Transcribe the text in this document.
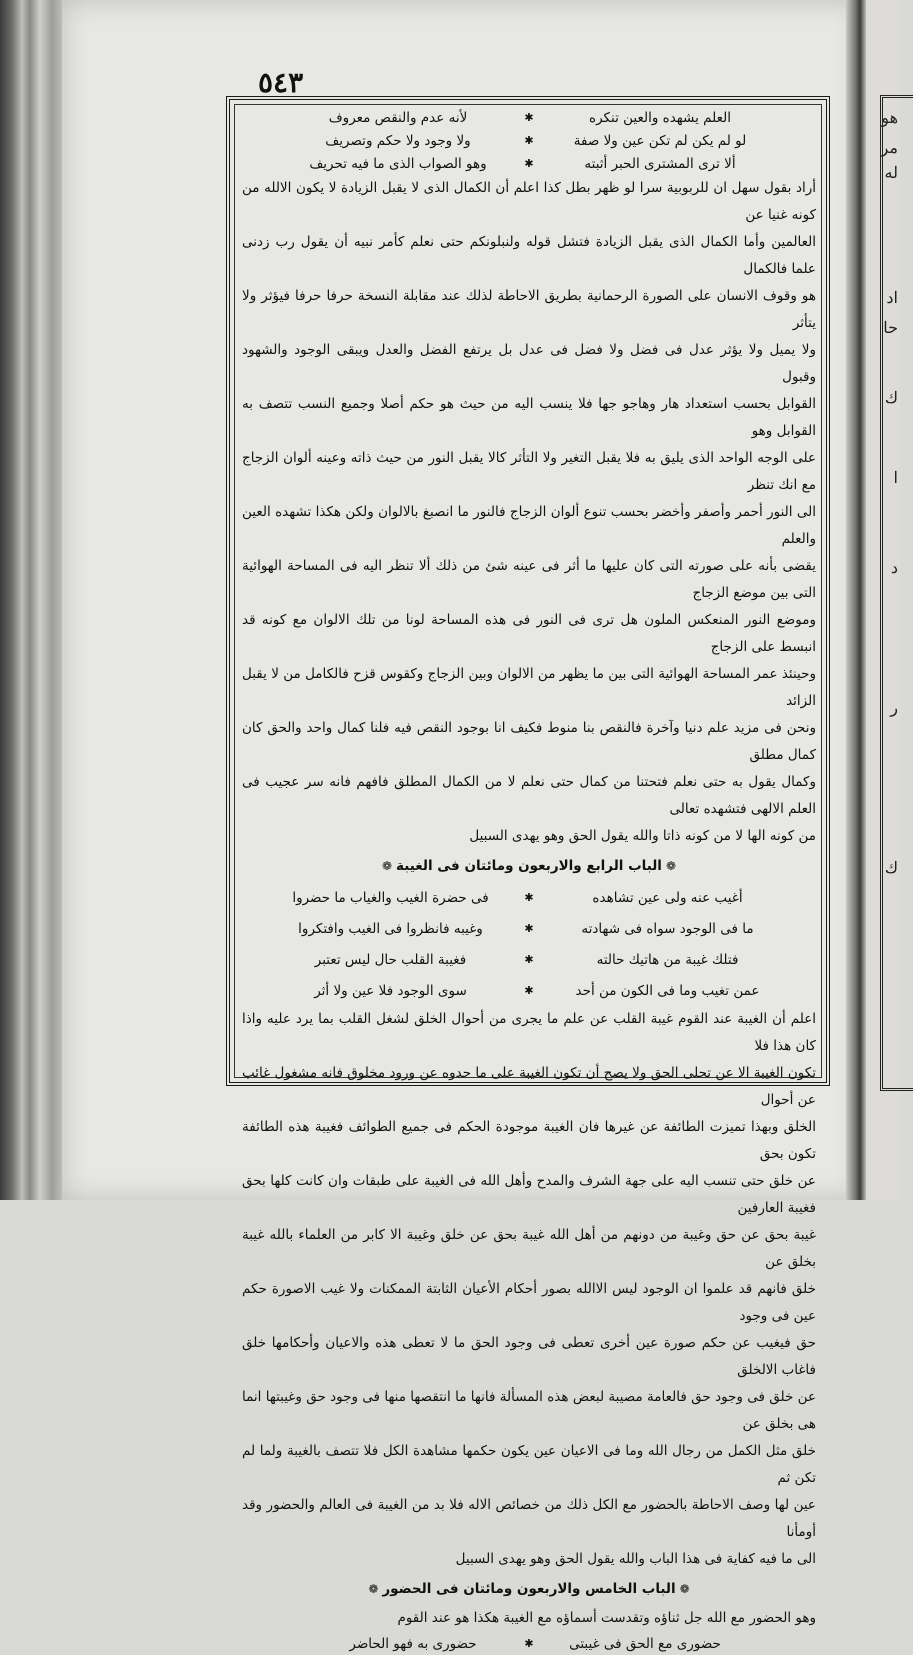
هو
مر
له
اد
حا
ك
ا
د
ر
ك
٥٤٣
العلم يشهده والعين تنكره
✱
لأنه عدم والنقص معروف
لو لم يكن لم تكن عين ولا صفة
✱
ولا وجود ولا حكم وتصريف
ألا ترى المشترى الحبر أثبته
✱
وهو الصواب الذى ما فيه تحريف

أراد بقول سهل ان للربوبية سرا لو ظهر بطل كذا اعلم أن الكمال الذى لا يقبل الزيادة لا يكون الالله من كونه غنيا عن

العالمين وأما الكمال الذى يقبل الزيادة فتشل قوله ولنبلونكم حتى نعلم كأمر نبيه أن يقول رب زدنى علما فالكمال

هو وقوف الانسان على الصورة الرحمانية بطريق الاحاطة لذلك عند مقابلة النسخة حرفا حرفا فيؤثر ولا يتأثر

ولا يميل ولا يؤثر عدل فى فضل ولا فضل فى عدل بل يرتفع الفضل والعدل ويبقى الوجود والشهود وقبول

القوابل بحسب استعداد هار وهاجو جها فلا ينسب اليه من حيث هو حكم أصلا وجميع النسب تتصف به القوابل وهو

على الوجه الواحد الذى يليق به فلا يقبل التغير ولا التأثر كالا يقبل النور من حيث ذاته وعينه ألوان الزجاج مع انك تنظر

الى النور أحمر وأصفر وأخضر بحسب تنوع ألوان الزجاج فالنور ما انصبغ بالالوان ولكن هكذا تشهده العين والعلم

يقضى بأنه على صورته التى كان عليها ما أثر فى عينه شئ من ذلك ألا تنظر اليه فى المساحة الهوائية التى بين موضع الزجاج

وموضع النور المنعكس الملون هل ترى فى النور فى هذه المساحة لونا من تلك الالوان مع كونه قد انبسط على الزجاج

وحينئذ عمر المساحة الهوائية التى بين ما يظهر من الالوان وبين الزجاج وكقوس قزح فالكامل من لا يقبل الزائد

ونحن فى مزيد علم دنيا وآخرة فالنقص بنا منوط فكيف انا بوجود النقص فيه فلنا كمال واحد والحق كان كمال مطلق

وكمال يقول به حتى نعلم فتحتنا من كمال حتى نعلم لا من الكمال المطلق فافهم فانه سر عجيب فى العلم الالهى فتشهده تعالى

من كونه الها لا من كونه ذاتا والله يقول الحق وهو يهدى السبيل

❁الباب الرابع والاربعون ومائتان فى الغيبة❁
أغيب عنه ولى عين تشاهده
✱
فى حضرة الغيب والغياب ما حضروا
ما فى الوجود سواه فى شهادته
✱
وغيبه فانظروا فى الغيب وافتكروا
فتلك غيبة من هاتيك حالته
✱
فغيبة القلب حال ليس تعتبر
عمن تغيب وما فى الكون من أحد
✱
سوى الوجود فلا عين ولا أثر

اعلم أن الغيبة عند القوم غيبة القلب عن علم ما يجرى من أحوال الخلق لشغل القلب بما يرد عليه واذا كان هذا فلا

تكون الغيبة الا عن تحلى الحق ولا يصح أن تكون الغيبة على ما حدوه عن ورود مخلوق فانه مشغول غائب عن أحوال

الخلق وبهذا تميزت الطائفة عن غيرها فان الغيبة موجودة الحكم فى جميع الطوائف فغيبة هذه الطائفة تكون بحق

عن خلق حتى تنسب اليه على جهة الشرف والمدح وأهل الله فى الغيبة على طبقات وان كانت كلها بحق فغيبة العارفين

غيبة بحق عن حق وغيبة من دونهم من أهل الله غيبة بحق عن خلق وغيبة الا كابر من العلماء بالله غيبة بخلق عن

خلق فانهم قد علموا ان الوجود ليس الاالله بصور أحكام الأعيان الثابتة الممكنات ولا غيب الاصورة حكم عين فى وجود

حق فيغيب عن حكم صورة عين أخرى تعطى فى وجود الحق ما لا تعطى هذه والاعيان وأحكامها خلق فاغاب الالخلق

عن خلق فى وجود حق فالعامة مصيبة لبعض هذه المسألة فانها ما انتقصها منها فى وجود حق وغيبتها انما هى بخلق عن

خلق مثل الكمل من رجال الله وما فى الاعيان عين يكون حكمها مشاهدة الكل فلا تتصف بالغيبة ولما لم تكن ثم

عين لها وصف الاحاطة بالحضور مع الكل ذلك من خصائص الاله فلا بد من الغيبة فى العالم والحضور وقد أومأنا

الى ما فيه كفاية فى هذا الباب والله يقول الحق وهو يهدى السبيل

❁الباب الخامس والاربعون ومائتان فى الحضور❁

وهو الحضور مع الله جل ثناؤه وتقدست أسماؤه مع الغيبة هكذا هو عند القوم

حضورى مع الحق فى غيبتى
✱
حضورى به فهو الحاضر
